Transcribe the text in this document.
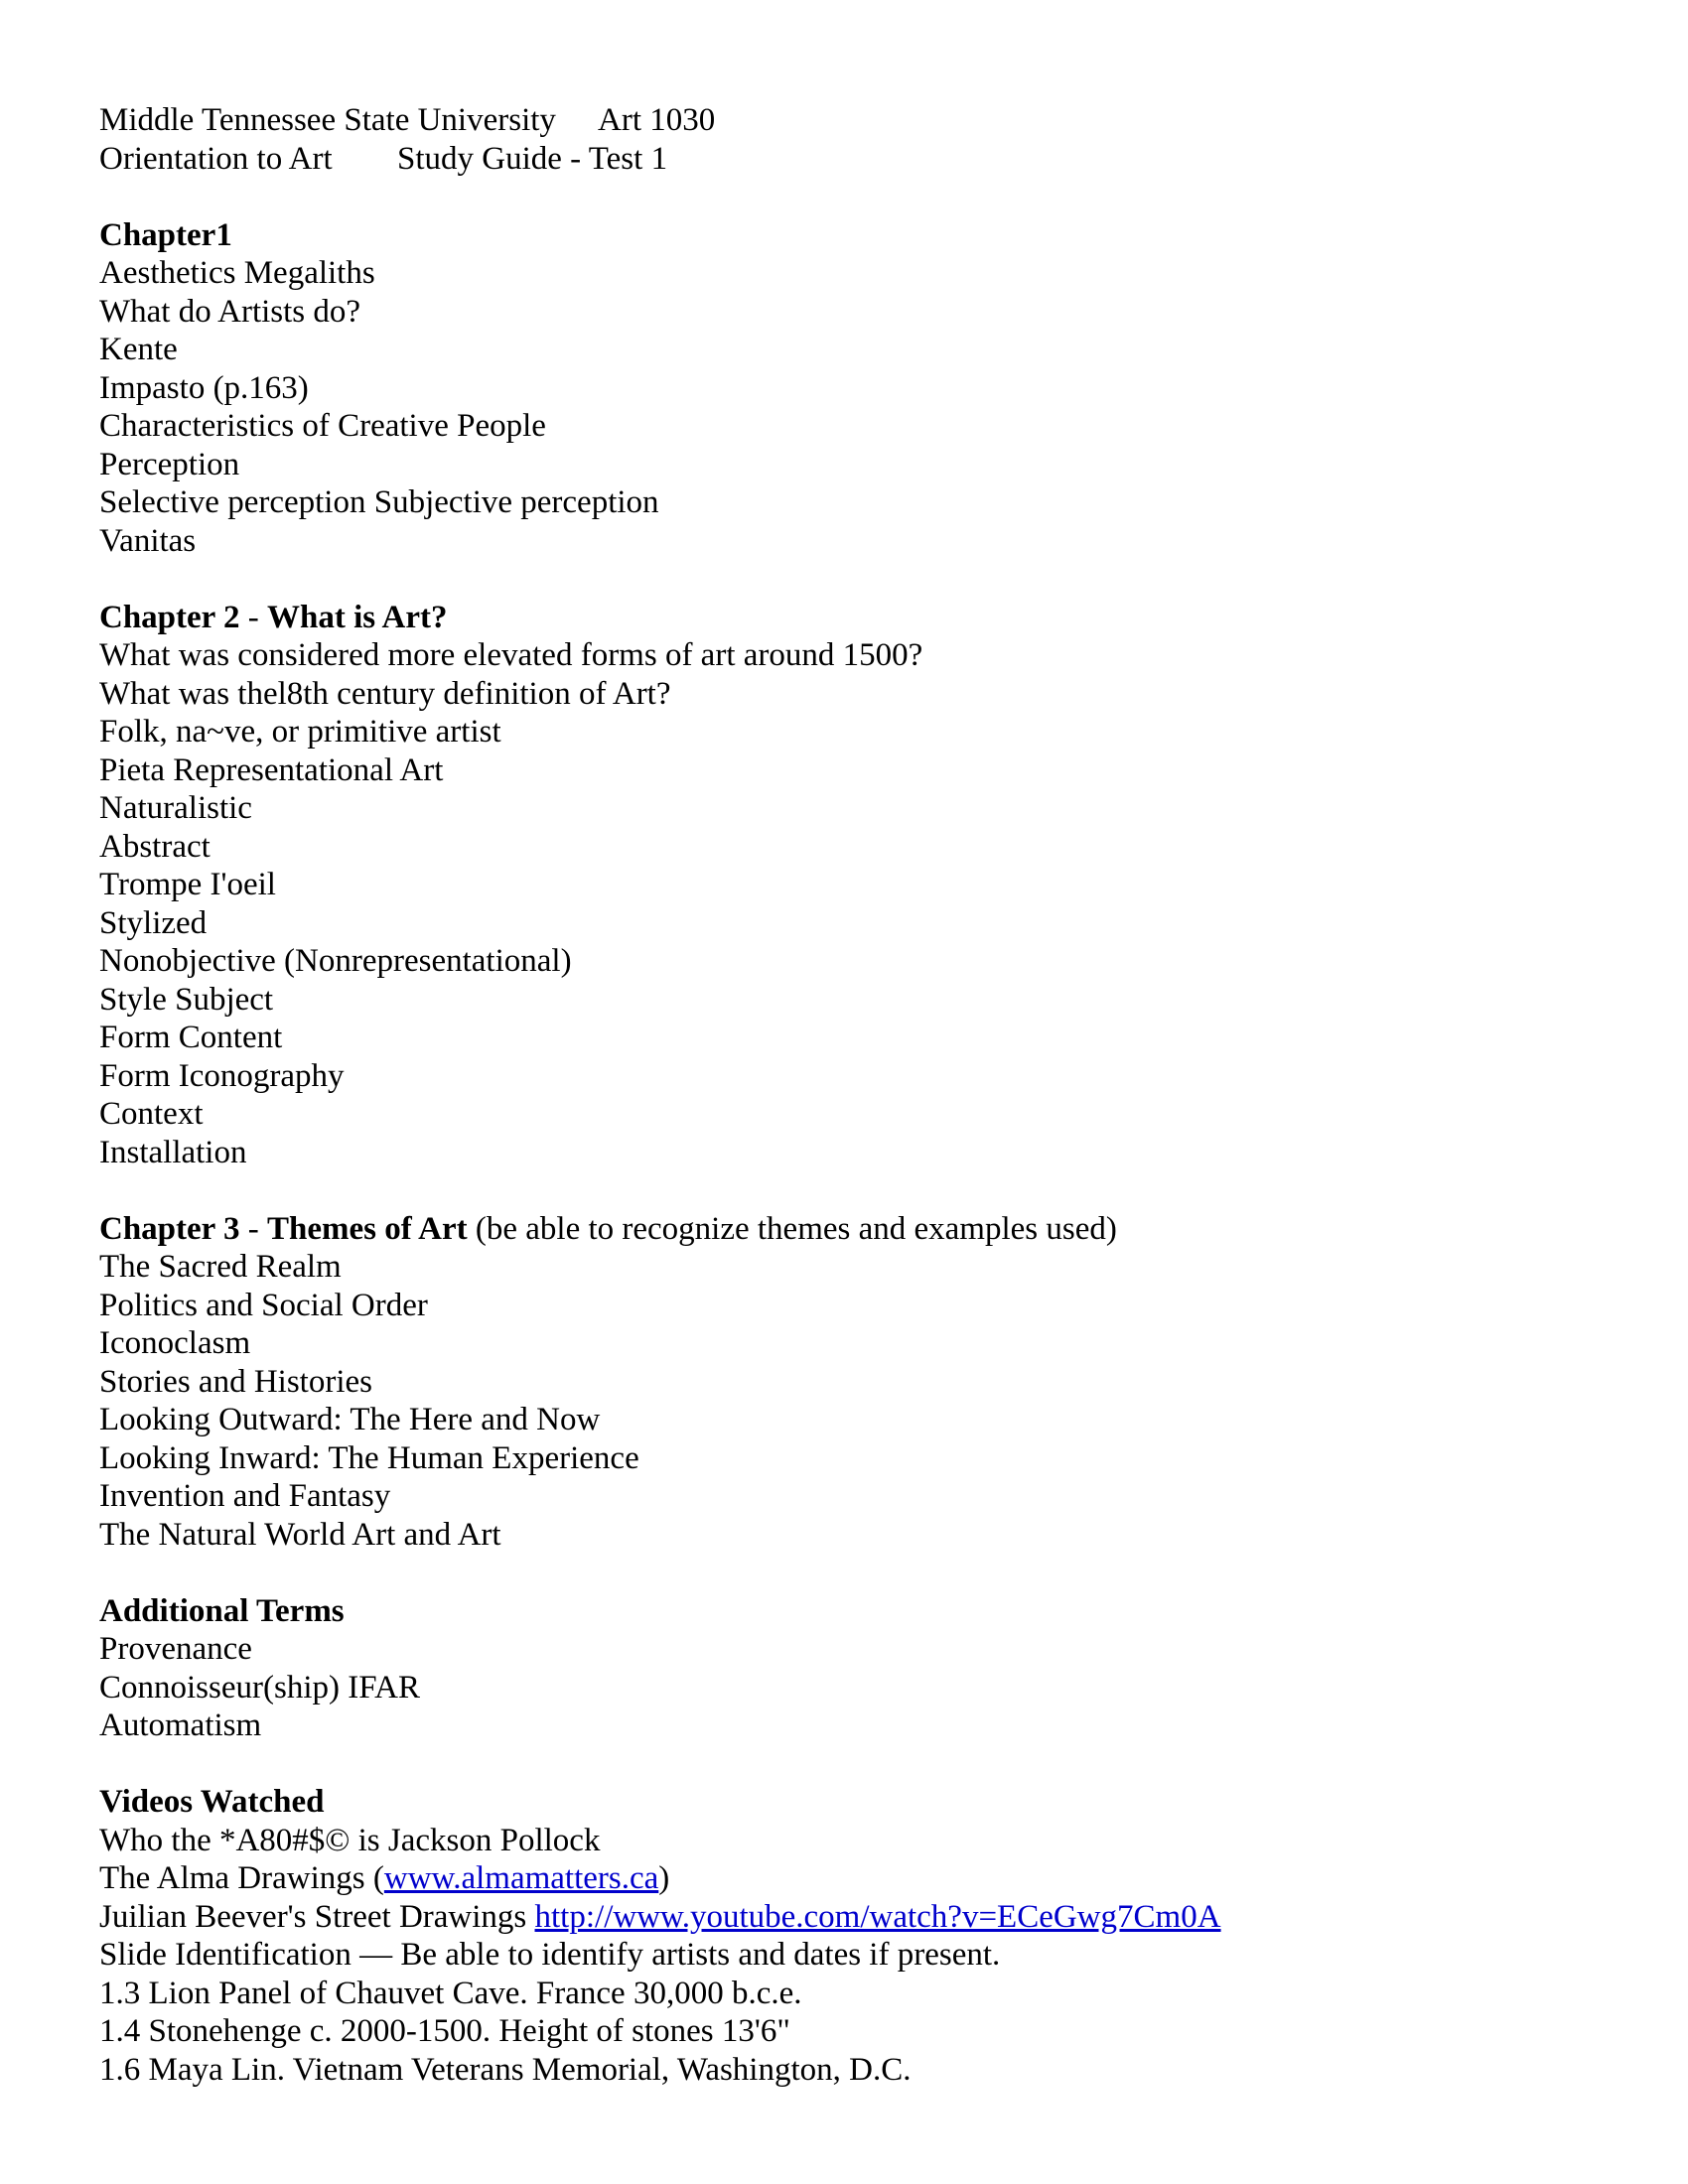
Middle Tennessee State University Art 1030
Orientation to Art Study Guide - Test 1
Chapter1
Aesthetics Megaliths
What do Artists do?
Kente
Impasto (p.163)
Characteristics of Creative People
Perception
Selective perception Subjective perception
Vanitas
Chapter 2 - What is Art?
What was considered more elevated forms of art around 1500?
What was thel8th century definition of Art?
Folk, na~ve, or primitive artist
Pieta Representational Art
Naturalistic
Abstract
Trompe I'oeil
Stylized
Nonobjective (Nonrepresentational)
Style Subject
Form Content
Form Iconography
Context
Installation
Chapter 3 - Themes of Art (be able to recognize themes and examples used)
The Sacred Realm
Politics and Social Order
Iconoclasm
Stories and Histories
Looking Outward: The Here and Now
Looking Inward: The Human Experience
Invention and Fantasy
The Natural World Art and Art
Additional Terms
Provenance
Connoisseur(ship) IFAR
Automatism
Videos Watched
Who the *A80#$© is Jackson Pollock
The Alma Drawings (www.almamatters.ca)
Juilian Beever's Street Drawings http://www.youtube.com/watch?v=ECeGwg7Cm0A
Slide Identification — Be able to identify artists and dates if present.
1.3 Lion Panel of Chauvet Cave. France 30,000 b.c.e.
1.4 Stonehenge c. 2000-1500. Height of stones 13'6"
1.6 Maya Lin. Vietnam Veterans Memorial, Washington, D.C.
